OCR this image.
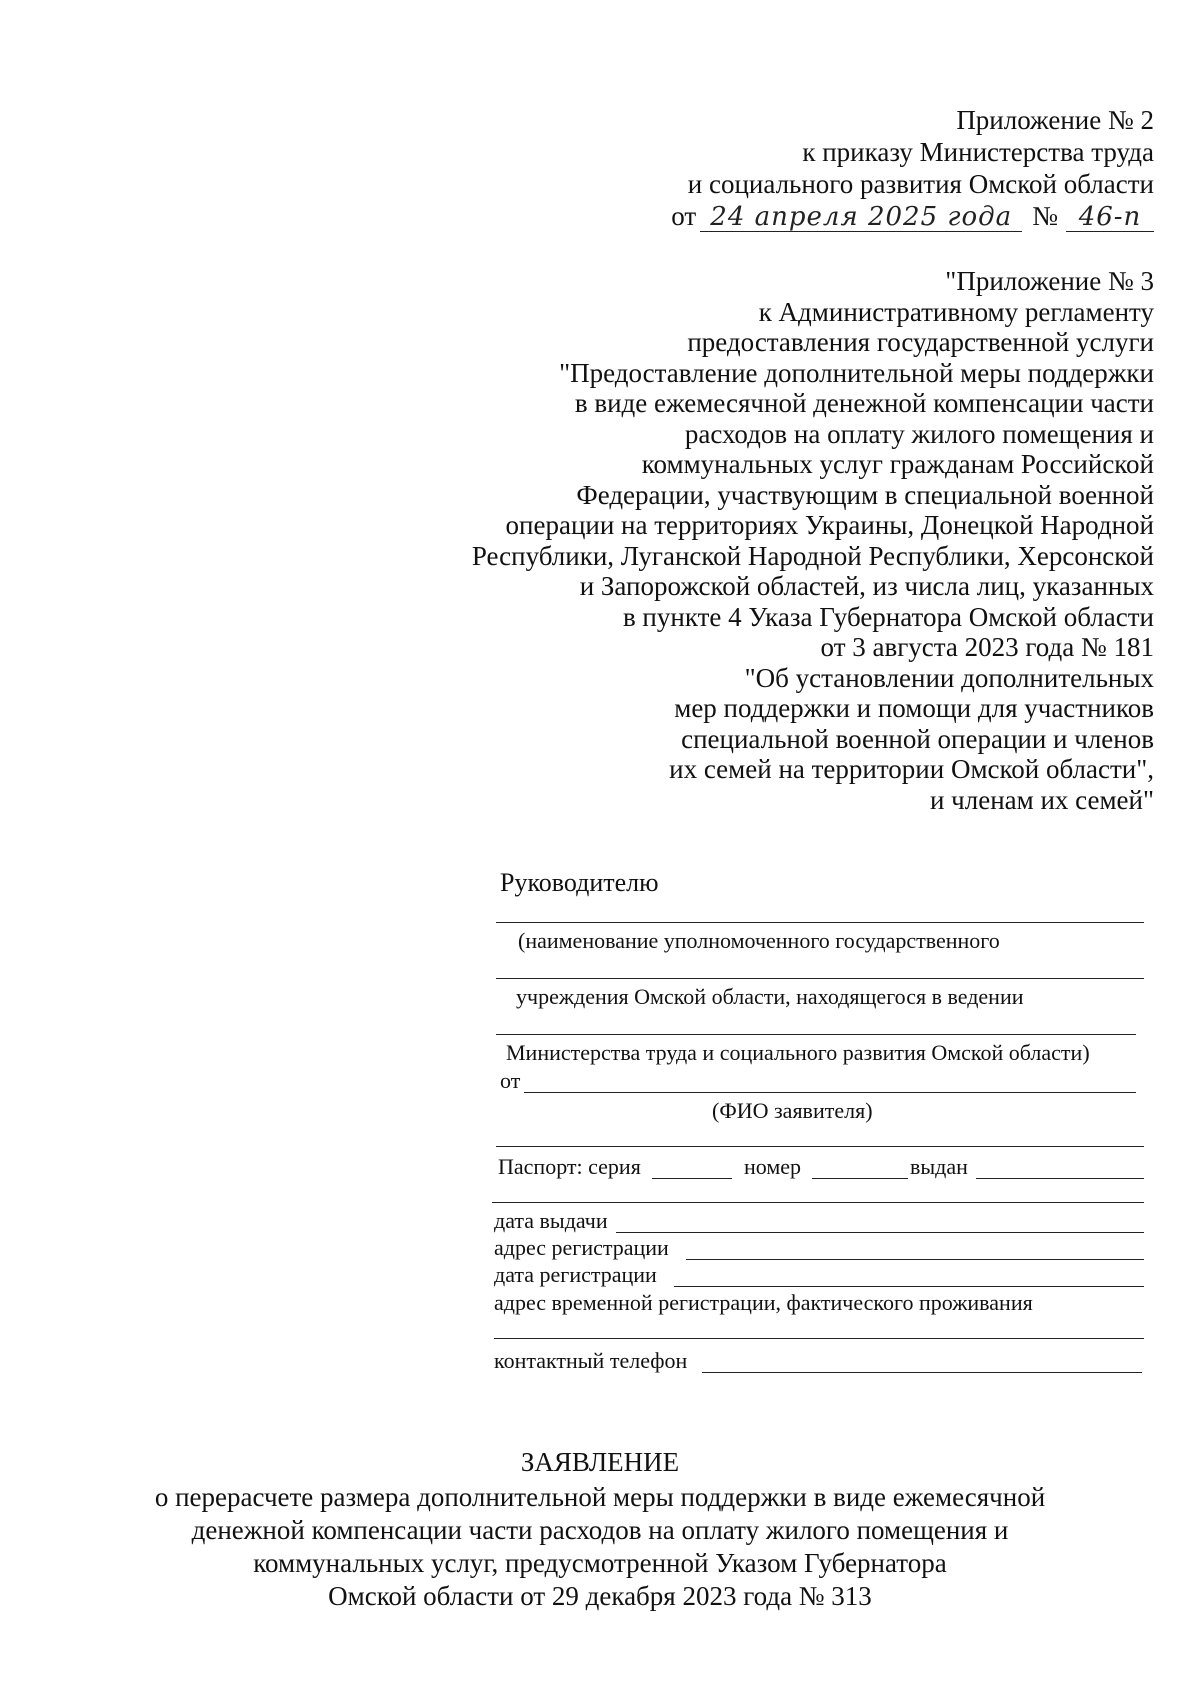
Приложение № 2
к приказу Министерства труда
и социального развития Омской области
от 24 апреля 2025 года № 46-п
"Приложение № 3
к Административному регламенту
предоставления государственной услуги
"Предоставление дополнительной меры поддержки
в виде ежемесячной денежной компенсации части
расходов на оплату жилого помещения и
коммунальных услуг гражданам Российской
Федерации, участвующим в специальной военной
операции на территориях Украины, Донецкой Народной
Республики, Луганской Народной Республики, Херсонской
и Запорожской областей, из числа лиц, указанных
в пункте 4 Указа Губернатора Омской области
от 3 августа 2023 года № 181
"Об установлении дополнительных
мер поддержки и помощи для участников
специальной военной операции и членов
их семей на территории Омской области",
и членам их семей"
Руководителю
(наименование уполномоченного государственного
учреждения Омской области, находящегося в ведении
Министерства труда и социального развития Омской области)
от
(ФИО заявителя)
Паспорт: серия	номер	выдан
дата выдачи
адрес регистрации
дата регистрации
адрес временной регистрации, фактического проживания
контактный телефон
ЗАЯВЛЕНИЕ
о перерасчете размера дополнительной меры поддержки в виде ежемесячной
денежной компенсации части расходов на оплату жилого помещения и
коммунальных услуг, предусмотренной Указом Губернатора
Омской области от 29 декабря 2023 года № 313
